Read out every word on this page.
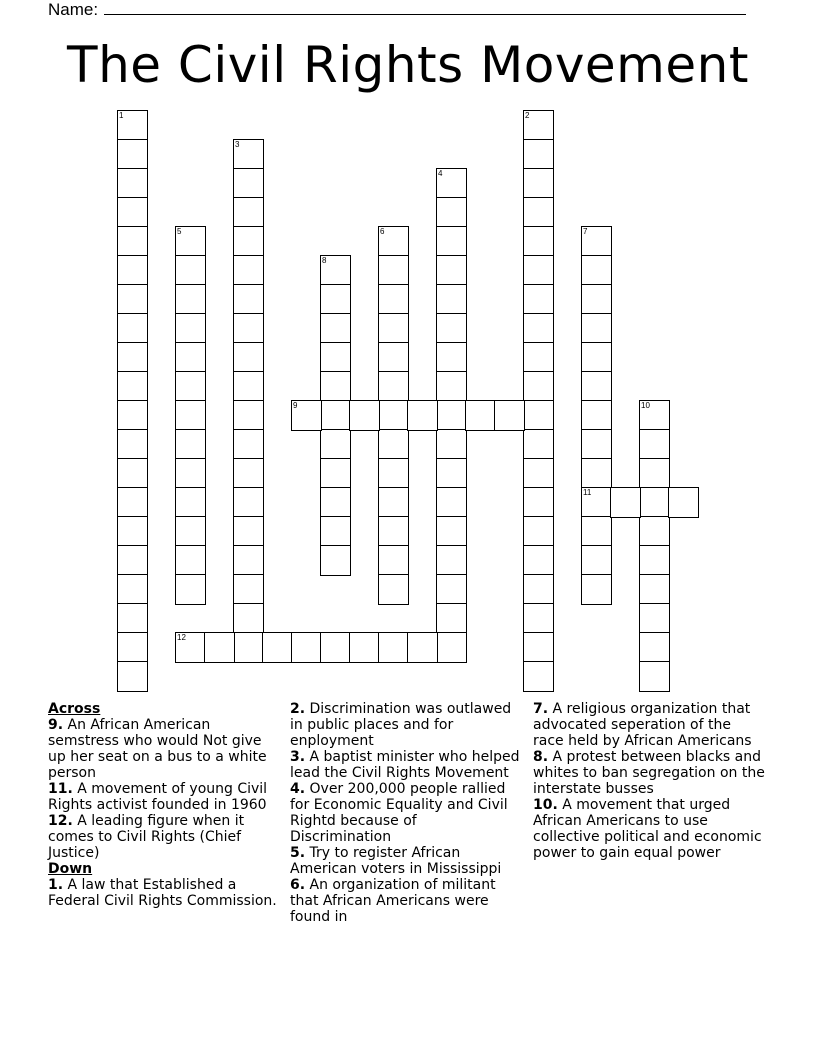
Name:
The Civil Rights Movement
1	2
3
4
5	6	7
11
8
9	10
12
Across
9. An African American semstress who would Not give up her seat on a bus to a white person
11. A movement of young Civil Rights activist founded in 1960
12. A leading figure when it comes to Civil Rights (Chief Justice)
Down
1. A law that Established a Federal Civil Rights Commission.
2. Discrimination was outlawed in public places and for enployment
3. A baptist minister who helped lead the Civil Rights Movement
4. Over 200,000 people rallied for Economic Equality and Civil Rightd because of Discrimination
5. Try to register African American voters in Mississippi
6. An organization of militant that African Americans were found in
7. A religious organization that advocated seperation of the race held by African Americans
8. A protest between blacks and whites to ban segregation on the interstate busses
10. A movement that urged African Americans to use collective political and economic power to gain equal power
